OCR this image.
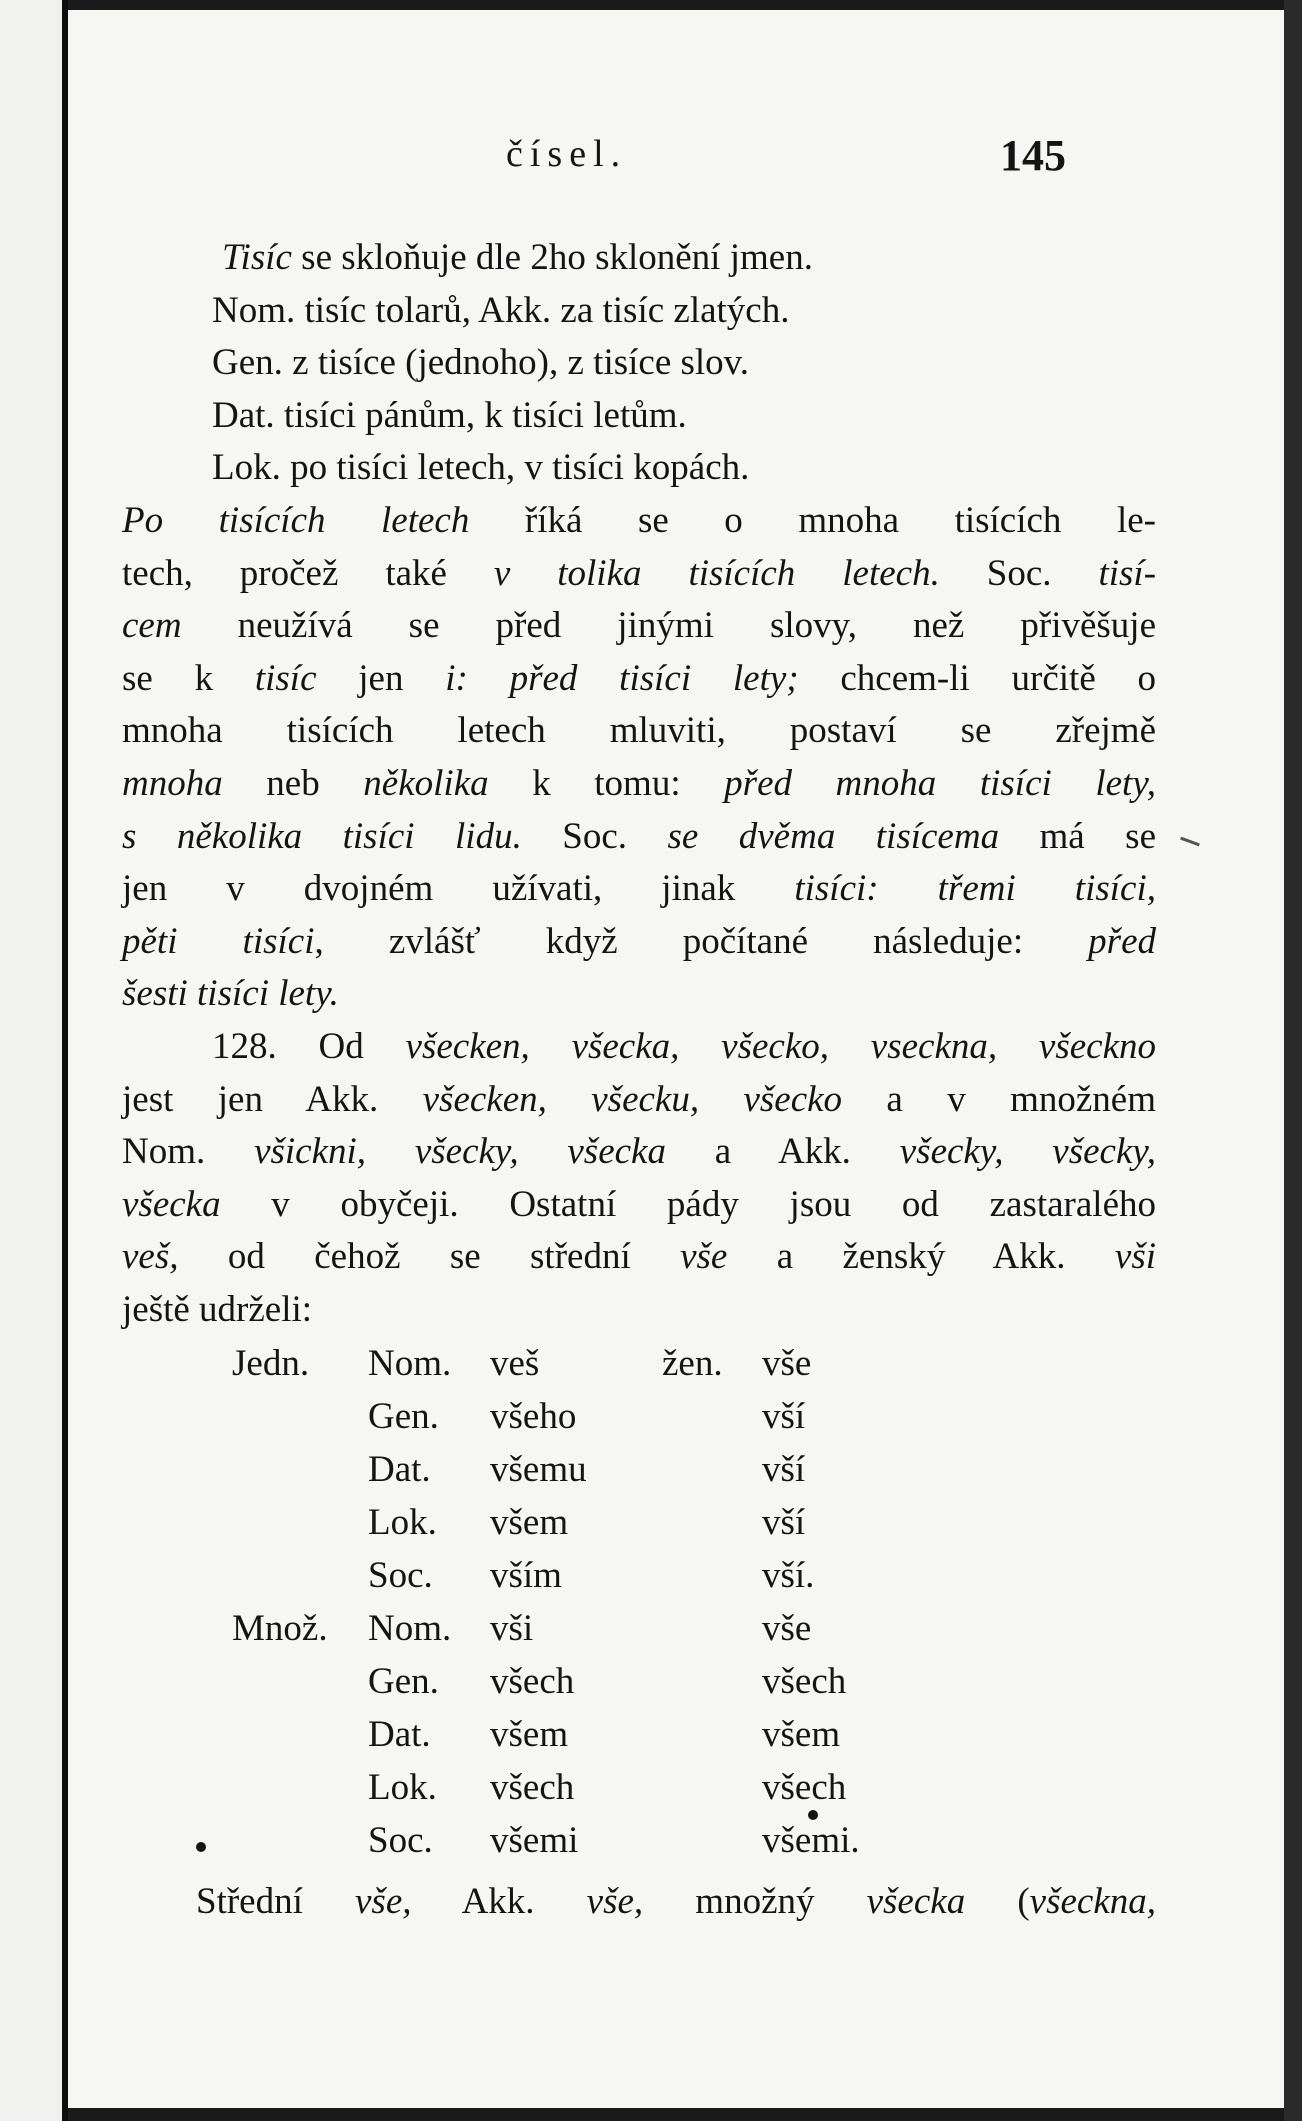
čísel.	145
Tisíc se skloňuje dle 2ho sklonění jmen.
Nom. tisíc tolarů, Akk. za tisíc zlatých.
Gen. z tisíce (jednoho), z tisíce slov.
Dat. tisíci pánům, k tisíci letům.
Lok. po tisíci letech, v tisíci kopách.
Po tisících letech říká se o mnoha tisících le-
tech, pročež také v tolika tisících letech. Soc. tisí-
cem neužívá se před jinými slovy, než přivěšuje
se k tisíc jen i: před tisíci lety; chcem-li určitě o
mnoha tisících letech mluviti, postaví se zřejmě
mnoha neb několika k tomu: před mnoha tisíci lety,
s několika tisíci lidu. Soc. se dvěma tisícema má se
jen v dvojném užívati, jinak tisíci: třemi tisíci,
pěti tisíci, zvlášť když počítané následuje: před
šesti tisíci lety.
128. Od všecken, všecka, všecko, vsecknа, všeckno
jest jen Akk. všecken, všecku, všecko a v množném
Nom. všickni, všecky, všecka a Akk. všecky, všecky,
všecka v obyčeji. Ostatní pády jsou od zastaralého
veš, od čehož se střední vše a ženský Akk. vši
ještě udrželi:
Jedn. Nom. veš	žen. vše
Gen. všeho	vší
Dat. všemu	vší
Lok. všem	vší
Soc. vším	vší.
Množ. Nom. vši	vše
Gen. všech	všech
Dat. všem	všem
Lok. všech	všech
Soc. všemi	všemi.
Střední vše, Akk. vše, množný všecka (všeckna,
